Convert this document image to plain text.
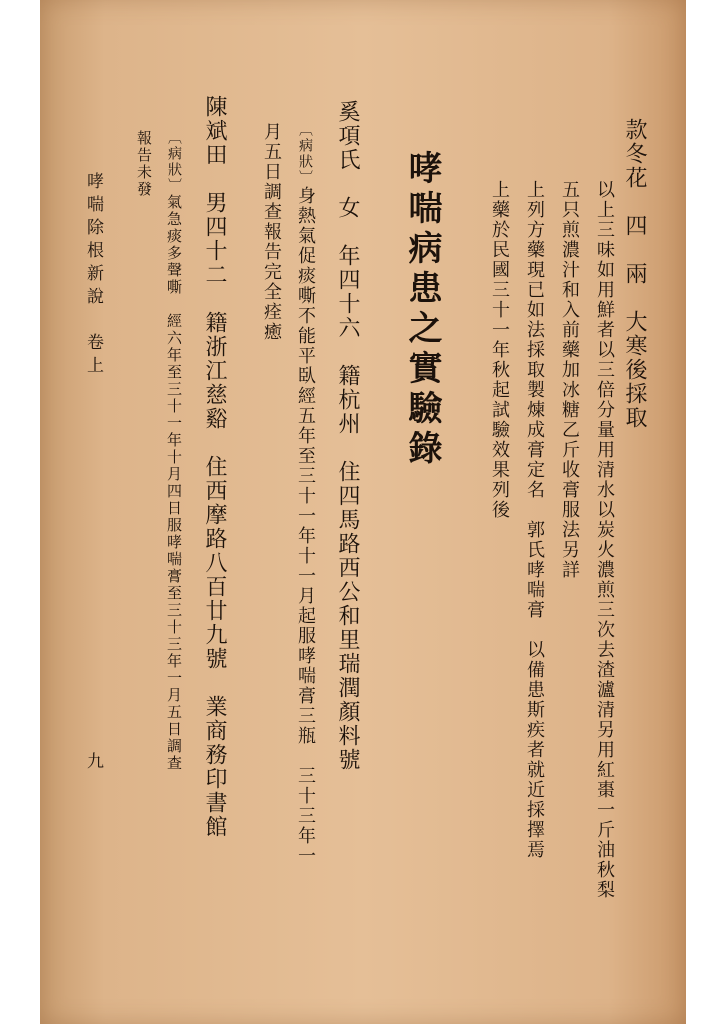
款冬花　四　兩　大寒後採取
以上三味如用鮮者以三倍分量用清水以炭火濃煎三次去渣瀘清另用紅棗一斤油秋梨
五只煎濃汁和入前藥加冰糖乙斤收膏服法另詳
上列方藥現已如法採取製煉成膏定名　郭氏哮喘膏　以備患斯疾者就近採擇焉
上藥於民國三十一年秋起試驗效果列後
哮喘病患之實驗錄
奚項氏　女　年四十六　籍杭州　住四馬路西公和里瑞潤顏料號
〔病狀〕身熱氣促痰嘶不能平臥經五年至三十一年十一月起服哮喘膏三瓶　三十三年一
月五日調查報告完全痊癒
陳斌田　男四十二　籍浙江慈谿　住西摩路八百廿九號　業商務印書館
〔病狀〕氣急痰多聲嘶　經六年至三十一年十月四日服哮喘膏至三十三年一月五日調查
報告未發
哮喘除根新說　卷上
九
